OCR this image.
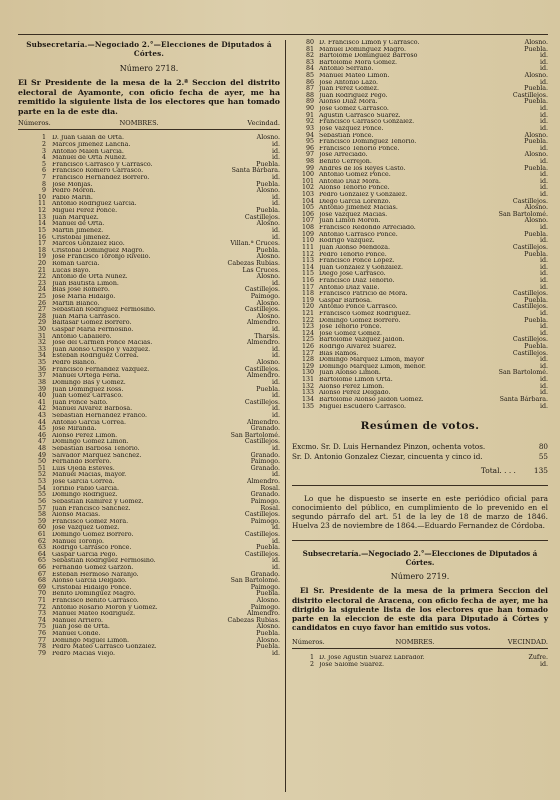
Subsecretaría.—Negociado 2.°—Elecciones de Diputados á Córtes.
Número 2718.

El Sr Presidente de la mesa de la 2.ª Seccion del distrito electoral de Ayamonte, con oficio fecha de ayer, me ha remitido la siguiente lista de los electores que han tomado parte en la de este dia.

Números.	NOMBRES.	Vecindad.
1 D. Juan Galan de Orta.	Alosno.
2 Márcos Jimenez Lancha.	id.
3 Antonio Malen García.	id.
4 Manuel de Orta Nuñez.	id.
5 Francisco Carrasco y Carrasco.	Puebla.
6 Francisco Romero Carrasco.	Santa Bárbara.
7 Francisco Hernandez Borrero.	id.
8 José Monjas.	Puebla.
9 Pedro Moron.	Alosno.
10 Pablo Marin.	id.
11 Antonio Rodriguez García.	id.
12 Miguel Perez Ponce.	Puebla.
13 Juan Márquez.	Castillejos.
14 Manuel de Orta.	Alosno.
15 Martin Jimenez.	id.
16 Cristóbal Jimenez.	id.
17 Márcos Gonzalez Rico.	Villan.ª Cruces.
18 Cristóbal Dominguez Magro.	Puebla.
19 José Francisco Toronjo Rivello.	Alosno.
20 Roman García.	Cabezas Rubias.
21 Lúcas Bayo.	Las Cruces.
22 Antonio de Orta Nuñez.	Alosno.
23 Juan Bautista Limon.	id.
24 Blas José Romero.	Castillejos.
25 José María Hidalgo.	Paimogo.
26 Martin Blanco.	Alosno.
27 Sebastian Rodriguez Fermosiño.	Castillejos.
28 Juan María Carrasco.	Alosno.
29 Baltasar Gomez Borrero.	Almendro.
30 Gaspar María Fermosiño.	id.
31 Antonio Caballero.	Tharsis.
32 José del Cármen Ponce Macías.	Almendro.
33 Juan Alonso Crespo y Vazquez.	id.
34 Estéban Rodriguez Correa.	id.
35 Pedro Blanco.	Alosno.
36 Francisco Fernandez Vazquez.	Castillejos.
37 Manuel Ortega Feria.	Almendro.
38 Domingo Bas y Gomez.	id.
39 Juan Dominguez Ross.	Puebla.
40 Juan Gomez Carrasco.	id.
41 Juan Ponce Salto.	Castillejos.
42 Manuel Alvarez Barbosa.	id.
43 Sebastian Hernandez Franco.	id.
44 Antonio García Correa.	Almendro.
45 José Miranda.	Granado.
46 Alonso Perez Limon.	San Bartolomé.
47 Domingo Gomez Limon.	Castillejos.
48 Sebastian Barbosa Tenorio.	id.
49 Salvador Márquez Sanchez.	Granado.
50 Fernando Borrero.	Paimogo.
51 Luis Ojeda Esteves.	Granado.
52 Manuel Macías, mayor.	id.
53 José García Correa.	Almendro.
54 Toribio Pablo García.	Rosal.
55 Domingo Rodriguez.	Granado.
56 Sebastian Ramirez y Gomez.	Paimogo.
57 Juan Francisco Sanchez.	Rosal.
58 Alonso Macías.	Castillejos.
59 Francisco Gomez Mora.	Paimogo.
60 José Vazquez Gomez.	id.
61 Domingo Gomez Borrero.	Castillejos.
62 Manuel Toronjo.	id.
63 Rodrigo Carrasco Ponce.	Puebla.
64 Gaspar García Pego.	Castillejos.
65 Sebastian Rodriguez Fermosiño.	id.
66 Fernando Gomez Garzon.	id.
67 Estéban Hermoso Naranjo.	Granado.
68 Alonso García Delgado.	San Bartolomé.
69 Cristóbal Hidalgo Ponce.	Paimogo.
70 Benito Dominguez Magro.	Puebla.
71 Francisco Benito Carrasco.	Alosno.
72 Antonio Rosario Moron y Gomez.	Paimogo.
73 Manuel Mateo Rodriguez.	Almendro.
74 Manuel Arriero.	Cabezas Rubias.
75 Juan José de Orta.	Alosno.
76 Manuel Conde.	Puebla.
77 Domingo Miguel Limon.	Alosno.
78 Pedro Mateo Carrasco Gonzalez.	Puebla.
79 Pedro Macías Viejo.	id.
80 D. Francisco Limon y Carrasco.	Alosno.
81 Manuel Dominguez Magro.	Puebla.
82 Bartolomé Dominguez Barroso	id.
83 Bartolomé Mora Gomez.	id.
84 Antonio Serrano.	id.
85 Manuel Mateo Limon.	Alosno.
86 José Antonio Lazo.	id.
87 Juan Perez Gomez.	Puebla.
88 Juan Rodriguez Pego.	Castillejos.
89 Alonso Diaz Mora.	Puebla.
90 José Gomez Carrasco.	id.
91 Agustin Carrasco Suarez.	id.
92 Francisco Carrasco Gonzalez.	id.
93 José Vazquez Ponce.	id.
94 Sebastian Ponce.	Alosno.
95 Francisco Dominguez Tenorio.	Puebla.
96 Francisco Tenorio Ponce.	id.
97 José Arreciado.	Alosno.
98 Benito Cerrejon.	id.
99 Andrés de los Reyes Casto.	Puebla.
100 Antonio Gomez Ponce.	id.
101 Antonio Diaz Mora.	id.
102 Alonso Tenorio Ponce.	id.
103 Pedro Gonzalez y Gonzalez.	id.
104 Diego García Lorenzo.	Castillejos.
105 Antonio Jimenez Macías.	Alosno.
106 José Vazquez Macías.	San Bartolomé.
107 Juan Limon Moron.	Alosno.
108 Francisco Redondo Arreciado.	id.
109 Antonio Carrasco Ponce.	Puebla.
110 Rodrigo Vazquez.	id.
111 Juan Alonso Mendoza.	Castillejos.
112 Pedro Tenorio Ponce.	Puebla.
113 Francisco Ponce Lopez.	id.
114 Juan Gonzalez y Gonzalez.	id.
115 Diego José Carrasco.	id.
116 Francisco Diaz Tenorio.	id.
117 Antonio Diaz Valle.	id.
118 Francisco Patricio de Mora.	Castillejos.
119 Gaspar Barbosa.	Puebla.
120 Antonio Ponce Carrasco.	Castillejos.
121 Francisco Gomez Rodriguez.	id.
122 Domingo Gomez Borrero.	Puebla.
123 José Tenorio Ponce.	id.
124 José Gomez Gomez.	id.
125 Bartolomé Vazquez Jaldon.	Castillejos.
126 Rodrigo Alvarez Suarez.	Puebla.
127 Blas Ramos.	Castillejos.
128 Domingo Márquez Limon, mayor	id.
129 Domingo Márquez Limon, menor.	id.
130 Juan Alonso Limon.	San Bartolomé.
131 Bartolomé Limon Orta.	id.
132 Alonso Perez Limon.	id.
133 Alonso Perez Delgado.	id.
134 Bartolomé Alonso Jaldon Gomez.	Santa Bárbara.
135 Miguel Escudero Carrasco.	id.
Resúmen de votos.
Excmo. Sr. D. Luis Hernandez Pinzon, ochenta votos.	80
Sr. D. Antonio Gonzalez Ciezar, cincuenta y cinco id.	55
Total. . . . 135

Lo que he dispuesto se inserte en este periódico oficial para conocimiento del público, en cumplimiento de lo prevenido en el segundo párrafo del art. 51 de la ley de 18 de marzo de 1846. Huelva 23 de noviembre de 1864.—Eduardo Fernandez de Córdoba.

Subsecretaría.—Negociado 2.°—Elecciones de Diputados á Córtes.
Número 2719.

El Sr. Presidente de la mesa de la primera Seccion del distrito electoral de Aracena, con oficio fecha de ayer, me ha dirigido la siguiente lista de los electores que han tomado parte en la eleccion de este dia para Diputado á Córtes y candidatos en cuyo favor han emitido sus votos.

Números.	NOMBRES.	VECINDAD.
1 D. José Agustin Suarez Labrador.	Zufre.
2 José Salomé Suarez.	id.
